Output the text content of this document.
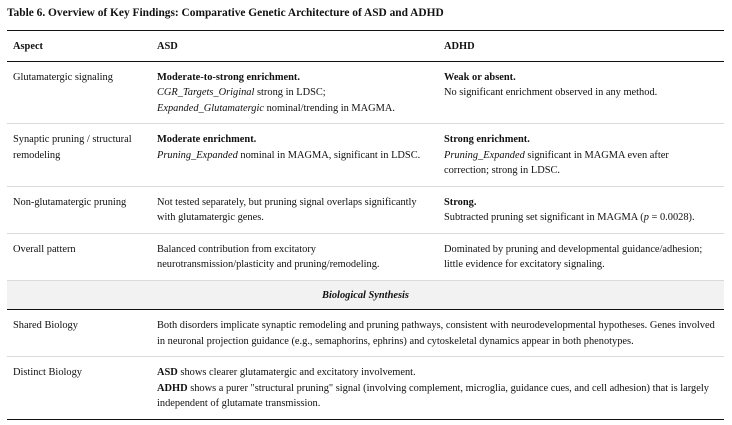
Table 6. Overview of Key Findings: Comparative Genetic Architecture of ASD and ADHD
Aspect	ASD	ADHD
Glutamatergic signaling	Moderate-to-strong enrichment.
CGR_Targets_Original strong in LDSC;
Expanded_Glutamatergic nominal/trending in MAGMA.	Weak or absent.
No significant enrichment observed in any method.

Synaptic pruning / structural remodeling	Moderate enrichment.
Pruning_Expanded nominal in MAGMA, significant in LDSC.	Strong enrichment.
Pruning_Expanded significant in MAGMA even after
correction; strong in LDSC.

Non-glutamatergic pruning	Not tested separately, but pruning signal overlaps significantly with glutamatergic genes.	Strong.
Subtracted pruning set significant in MAGMA (p = 0.0028).

Overall pattern	Balanced contribution from excitatory neurotransmission/plasticity and pruning/remodeling.	Dominated by pruning and developmental guidance/adhesion; little evidence for excitatory signaling.
Biological Synthesis		
Shared Biology	Both disorders implicate synaptic remodeling and pruning pathways, consistent with neurodevelopmental hypotheses. Genes involved in neuronal projection guidance (e.g., semaphorins, ephrins) and cytoskeletal dynamics appear in both phenotypes.	
Distinct Biology	ASD shows clearer glutamatergic and excitatory involvement.
ADHD shows a purer "structural pruning" signal (involving complement, microglia, guidance cues, and cell adhesion) that is largely independent of glutamate transmission.	
